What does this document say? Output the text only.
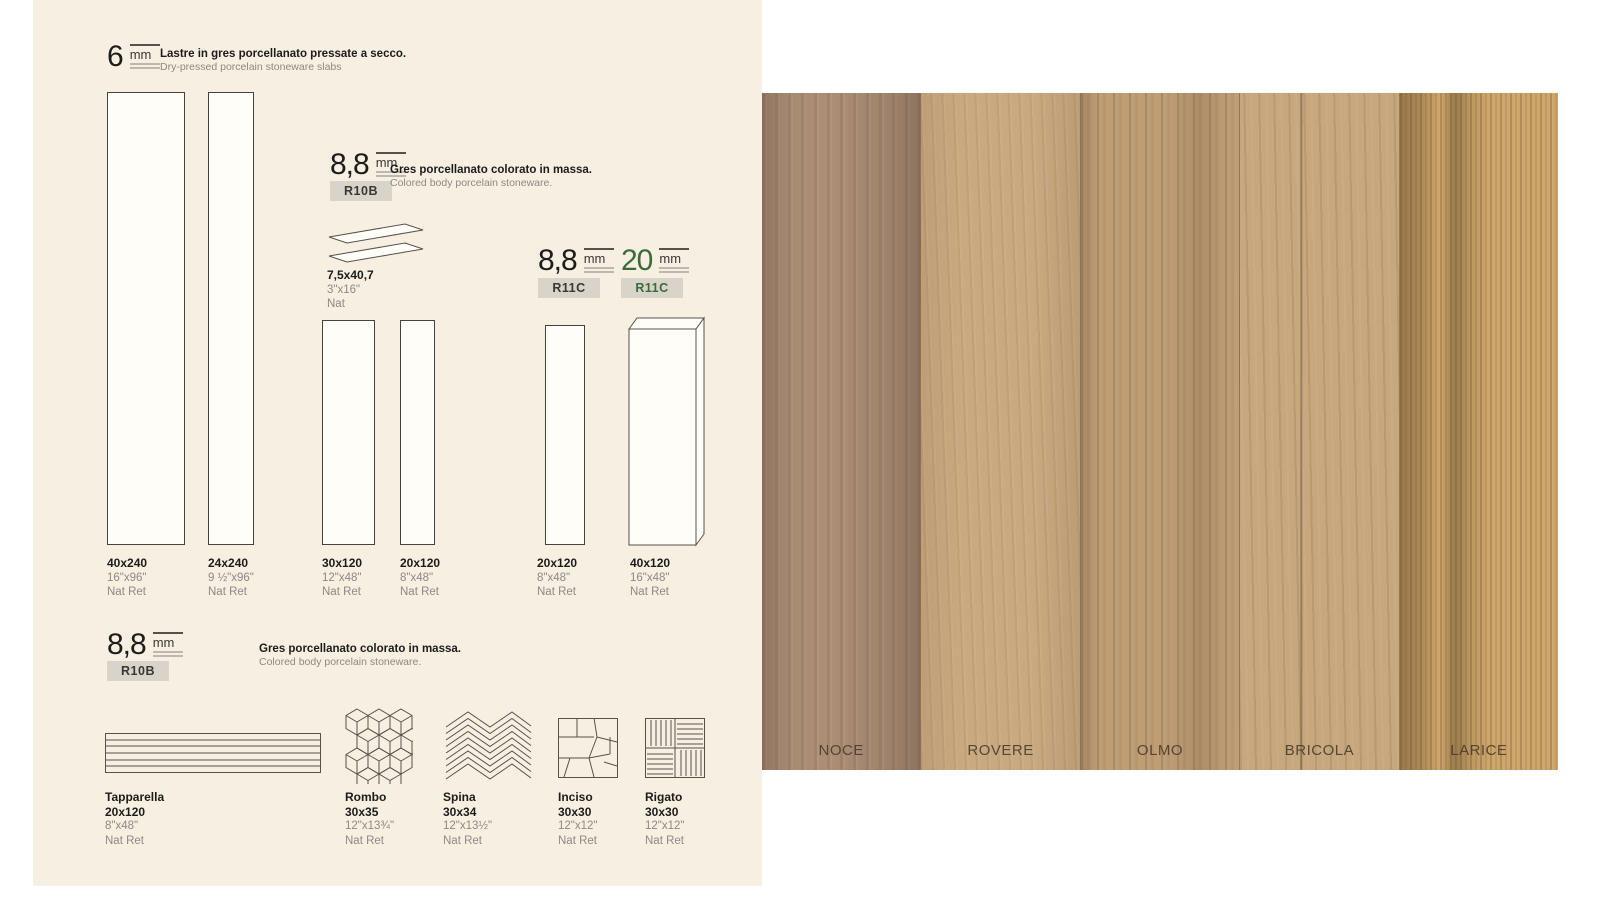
6 mm Lastre in gres porcellanato pressate a secco.
Dry-pressed porcelain stoneware slabs
40x240
16"x96"
Nat Ret
24x240
9 ½"x96"
Nat Ret
8,8 mm
R10B
Gres porcellanato colorato in massa.
Colored body porcelain stoneware.
7,5x40,7
3"x16"
Nat
30x120
12"x48"
Nat Ret
20x120
8"x48"
Nat Ret
8,8 mm
R11C
20 mm
R11C
20x120
8"x48"
Nat Ret
40x120
16"x48"
Nat Ret
8,8 mm
R10B
Gres porcellanato colorato in massa.
Colored body porcelain stoneware.
Tapparella
20x120
8"x48"
Nat Ret
Rombo
30x35
12"x13¾"
Nat Ret
Spina
30x34
12"x13½"
Nat Ret
Inciso
30x30
12"x12"
Nat Ret
Rigato
30x30
12"x12"
Nat Ret
NOCE	ROVERE	OLMO	BRICOLA	LARICE
